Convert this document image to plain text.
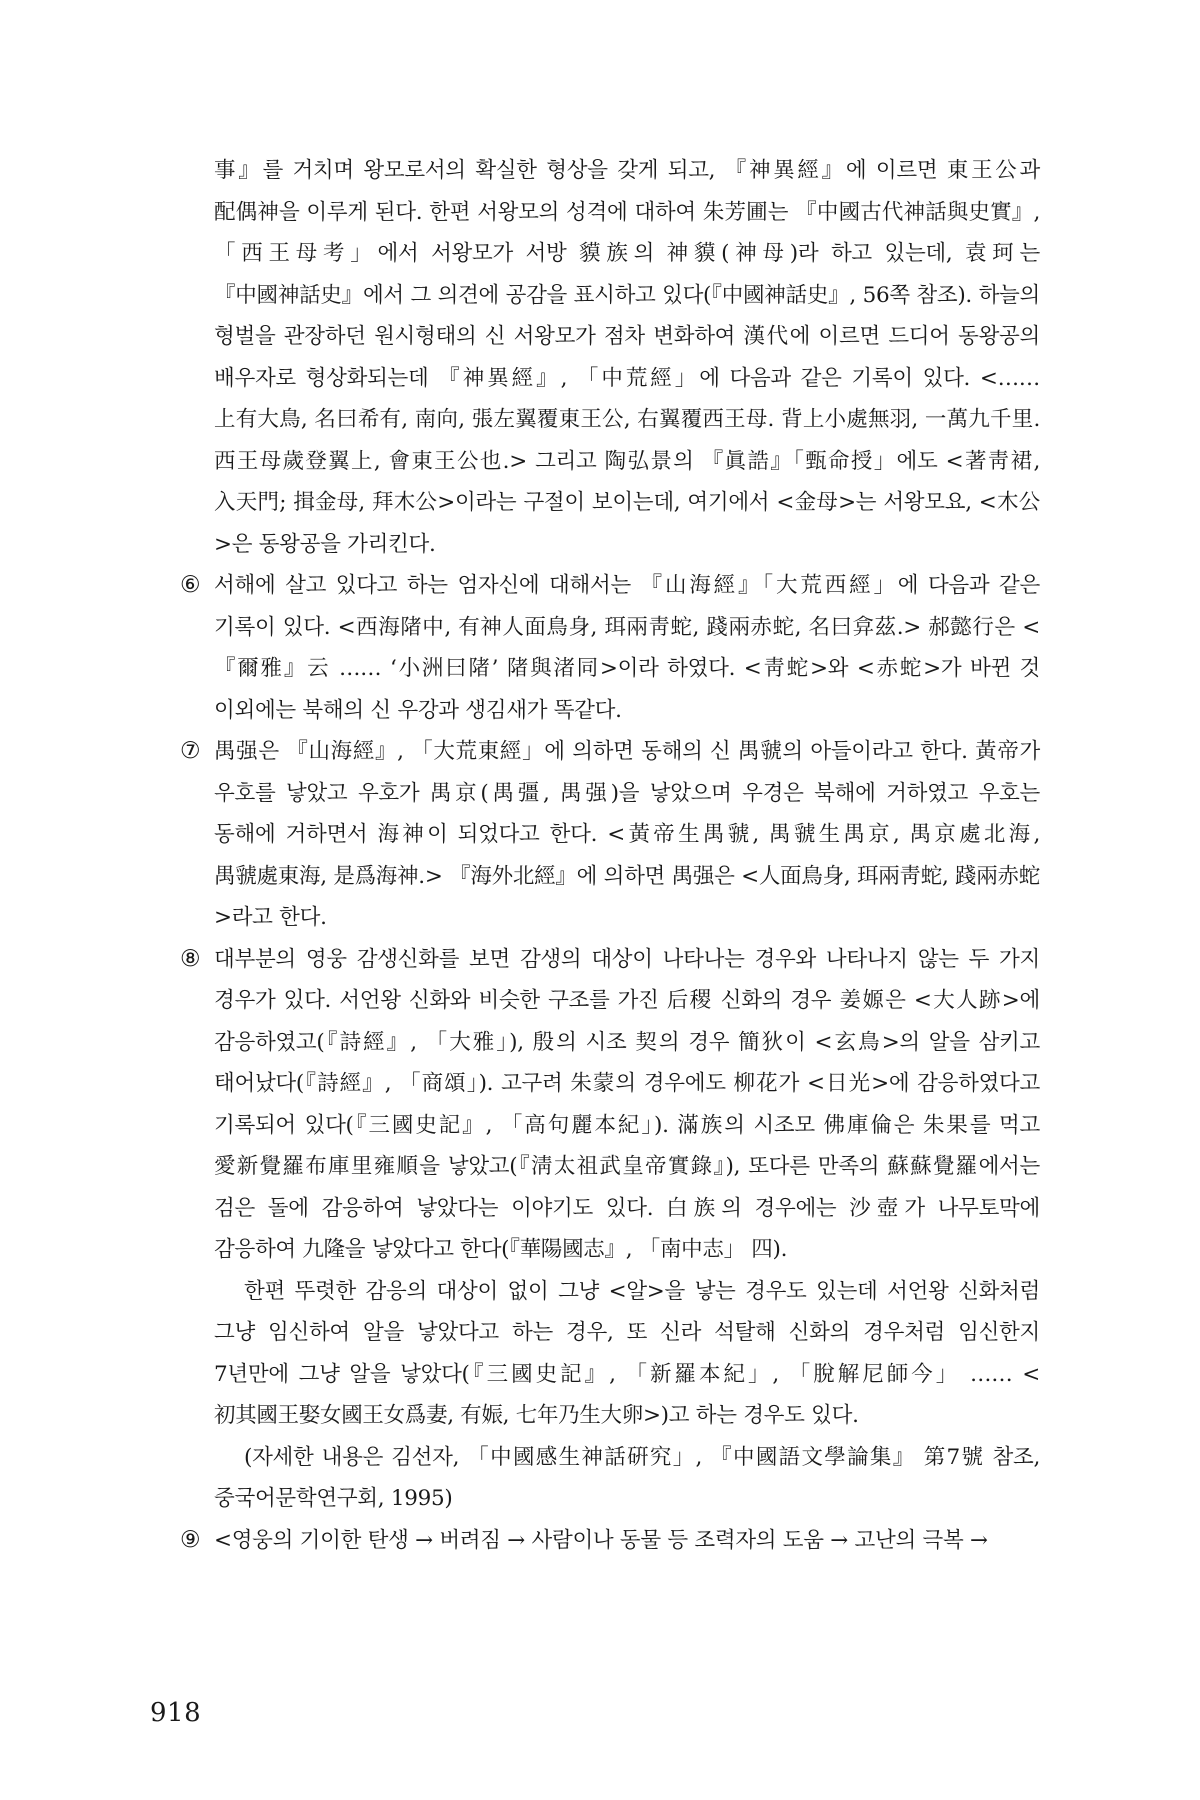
事』를 거치며 왕모로서의 확실한 형상을 갖게 되고, 『神異經』에 이르면 東王公과 配偶神을 이루게 된다. 한편 서왕모의 성격에 대하여 朱芳圃는 『中國古代神話與史實』, 「西王母考」에서 서왕모가 서방 貘族의 神貘(神母)라 하고 있는데, 袁珂는 『中國神話史』에서 그 의견에 공감을 표시하고 있다(『中國神話史』, 56쪽 참조). 하늘의 형벌을 관장하던 원시형태의 신 서왕모가 점차 변화하여 漢代에 이르면 드디어 동왕공의 배우자로 형상화되는데 『神異經』, 「中荒經」에 다음과 같은 기록이 있다. <…… 上有大鳥, 名曰希有, 南向, 張左翼覆東王公, 右翼覆西王母. 背上小處無羽, 一萬九千里. 西王母歲登翼上, 會東王公也.> 그리고 陶弘景의 『眞誥』「甄命授」에도 <著靑裙, 入天門; 揖金母, 拜木公>이라는 구절이 보이는데, 여기에서 <金母>는 서왕모요, <木公>은 동왕공을 가리킨다.

⑥ 서해에 살고 있다고 하는 엄자신에 대해서는 『山海經』「大荒西經」에 다음과 같은 기록이 있다. <西海陼中, 有神人面鳥身, 珥兩靑蛇, 踐兩赤蛇, 名曰弇茲.> 郝懿行은 <『爾雅』云 …… ‘小洲曰陼’ 陼與渚同>이라 하였다. <靑蛇>와 <赤蛇>가 바뀐 것 이외에는 북해의 신 우강과 생김새가 똑같다.

⑦ 禺强은 『山海經』, 「大荒東經」에 의하면 동해의 신 禺虢의 아들이라고 한다. 黃帝가 우호를 낳았고 우호가 禺京(禺彊, 禺强)을 낳았으며 우경은 북해에 거하였고 우호는 동해에 거하면서 海神이 되었다고 한다. <黃帝生禺虢, 禺虢生禺京, 禺京處北海, 禺虢處東海, 是爲海神.> 『海外北經』에 의하면 禺强은 <人面鳥身, 珥兩靑蛇, 踐兩赤蛇>라고 한다.

⑧ 대부분의 영웅 감생신화를 보면 감생의 대상이 나타나는 경우와 나타나지 않는 두 가지 경우가 있다. 서언왕 신화와 비슷한 구조를 가진 后稷 신화의 경우 姜嫄은 <大人跡>에 감응하였고(『詩經』, 「大雅」), 殷의 시조 契의 경우 簡狄이 <玄鳥>의 알을 삼키고 태어났다(『詩經』, 「商頌」). 고구려 朱蒙의 경우에도 柳花가 <日光>에 감응하였다고 기록되어 있다(『三國史記』, 「高句麗本紀」). 滿族의 시조모 佛庫倫은 朱果를 먹고 愛新覺羅布庫里雍順을 낳았고(『淸太祖武皇帝實錄』), 또다른 만족의 蘇蘇覺羅에서는 검은 돌에 감응하여 낳았다는 이야기도 있다. 白族의 경우에는 沙壺가 나무토막에 감응하여 九隆을 낳았다고 한다(『華陽國志』, 「南中志」 四).

한편 뚜렷한 감응의 대상이 없이 그냥 <알>을 낳는 경우도 있는데 서언왕 신화처럼 그냥 임신하여 알을 낳았다고 하는 경우, 또 신라 석탈해 신화의 경우처럼 임신한지 7년만에 그냥 알을 낳았다(『三國史記』, 「新羅本紀」, 「脫解尼師今」 …… <初其國王娶女國王女爲妻, 有娠, 七年乃生大卵>)고 하는 경우도 있다.

(자세한 내용은 김선자, 「中國感生神話硏究」, 『中國語文學論集』 第7號 참조, 중국어문학연구회, 1995)

⑨ <영웅의 기이한 탄생 → 버려짐 → 사람이나 동물 등 조력자의 도움 → 고난의 극복 →

918
